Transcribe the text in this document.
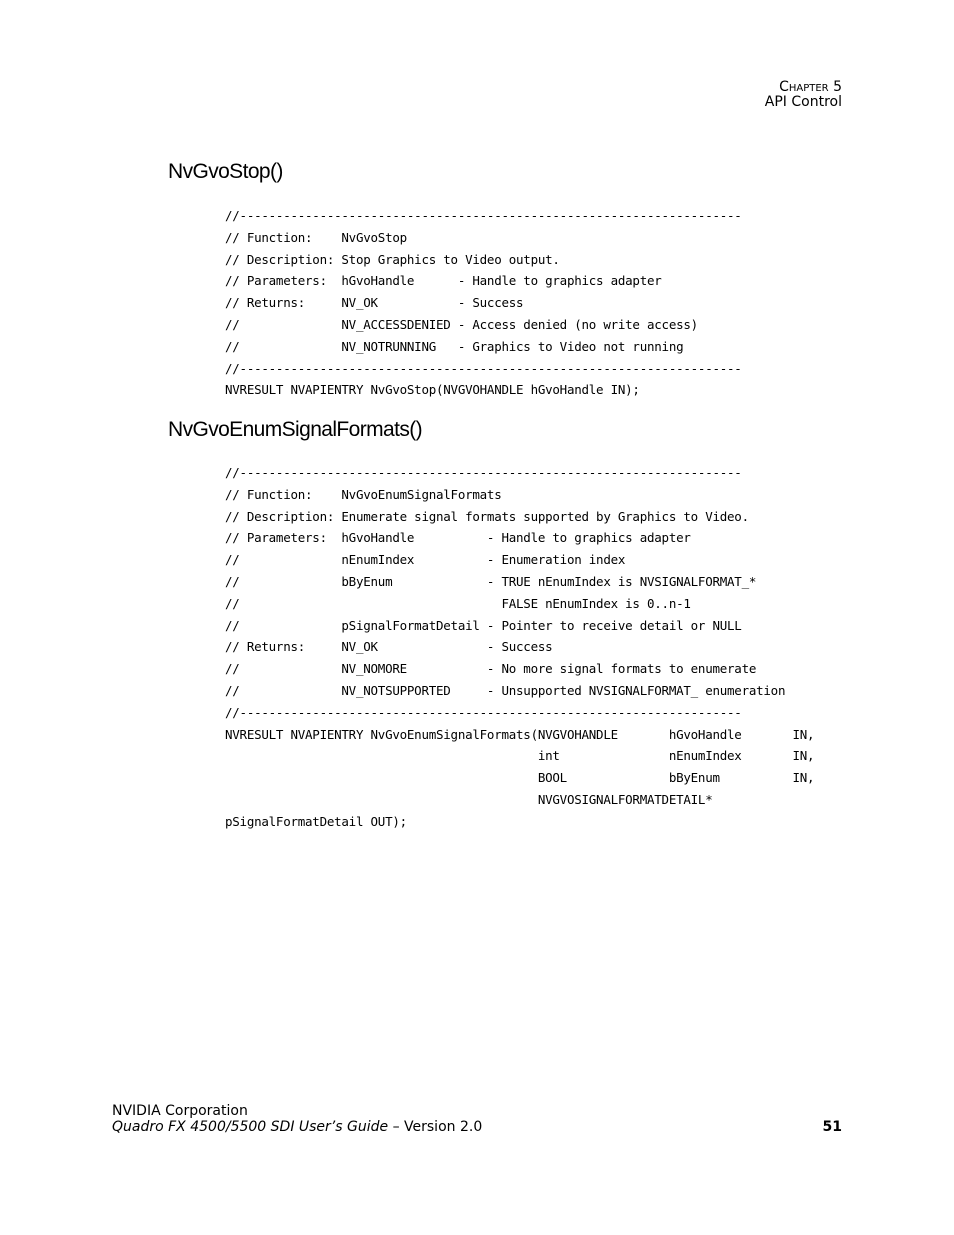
Chapter 5
API Control
NvGvoStop()
//---------------------------------------------------------------------
// Function:    NvGvoStop
// Description: Stop Graphics to Video output.
// Parameters:  hGvoHandle      - Handle to graphics adapter
// Returns:     NV_OK           - Success
//              NV_ACCESSDENIED - Access denied (no write access)
//              NV_NOTRUNNING   - Graphics to Video not running
//---------------------------------------------------------------------
NVRESULT NVAPIENTRY NvGvoStop(NVGVOHANDLE hGvoHandle IN);
NvGvoEnumSignalFormats()
//---------------------------------------------------------------------
// Function:    NvGvoEnumSignalFormats
// Description: Enumerate signal formats supported by Graphics to Video.
// Parameters:  hGvoHandle          - Handle to graphics adapter
//              nEnumIndex          - Enumeration index
//              bByEnum             - TRUE nEnumIndex is NVSIGNALFORMAT_*
//                                    FALSE nEnumIndex is 0..n-1
//              pSignalFormatDetail - Pointer to receive detail or NULL
// Returns:     NV_OK               - Success
//              NV_NOMORE           - No more signal formats to enumerate
//              NV_NOTSUPPORTED     - Unsupported NVSIGNALFORMAT_ enumeration
//---------------------------------------------------------------------
NVRESULT NVAPIENTRY NvGvoEnumSignalFormats(NVGVOHANDLE       hGvoHandle       IN,
int               nEnumIndex       IN,
BOOL              bByEnum          IN,
NVGVOSIGNALFORMATDETAIL*
pSignalFormatDetail OUT);
NVIDIA Corporation
Quadro FX 4500/5500 SDI User’s Guide – Version 2.0	51
